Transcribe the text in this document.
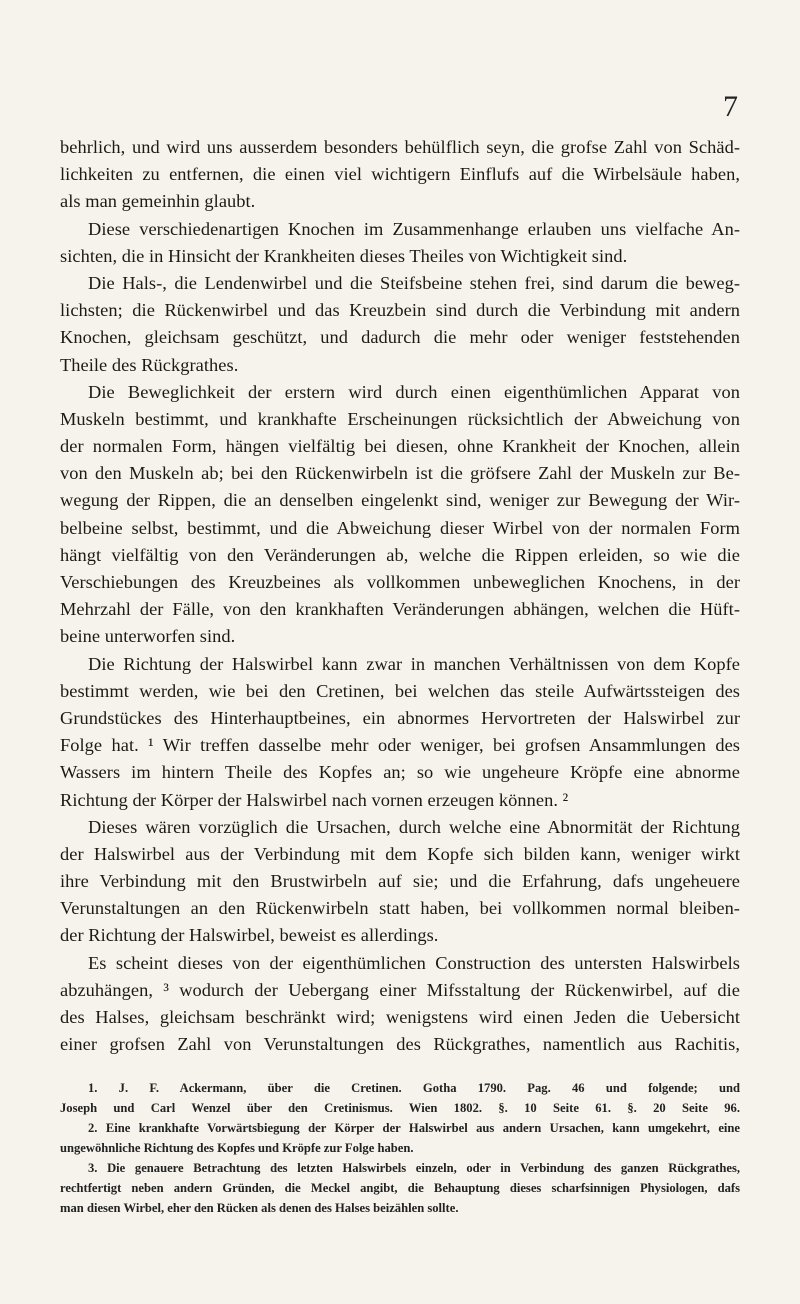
7
behrlich, und wird uns ausserdem besonders behülflich seyn, die grofse Zahl von Schäd-
lichkeiten zu entfernen, die einen viel wichtigern Einflufs auf die Wirbelsäule haben,
als man gemeinhin glaubt.
Diese verschiedenartigen Knochen im Zusammenhange erlauben uns vielfache An-
sichten, die in Hinsicht der Krankheiten dieses Theiles von Wichtigkeit sind.
Die Hals-, die Lendenwirbel und die Steifsbeine stehen frei, sind darum die beweg-
lichsten; die Rückenwirbel und das Kreuzbein sind durch die Verbindung mit andern
Knochen, gleichsam geschützt, und dadurch die mehr oder weniger feststehenden
Theile des Rückgrathes.
Die Beweglichkeit der erstern wird durch einen eigenthümlichen Apparat von
Muskeln bestimmt, und krankhafte Erscheinungen rücksichtlich der Abweichung von
der normalen Form, hängen vielfältig bei diesen, ohne Krankheit der Knochen, allein
von den Muskeln ab; bei den Rückenwirbeln ist die gröfsere Zahl der Muskeln zur Be-
wegung der Rippen, die an denselben eingelenkt sind, weniger zur Bewegung der Wir-
belbeine selbst, bestimmt, und die Abweichung dieser Wirbel von der normalen Form
hängt vielfältig von den Veränderungen ab, welche die Rippen erleiden, so wie die
Verschiebungen des Kreuzbeines als vollkommen unbeweglichen Knochens, in der
Mehrzahl der Fälle, von den krankhaften Veränderungen abhängen, welchen die Hüft-
beine unterworfen sind.
Die Richtung der Halswirbel kann zwar in manchen Verhältnissen von dem Kopfe
bestimmt werden, wie bei den Cretinen, bei welchen das steile Aufwärtssteigen des
Grundstückes des Hinterhauptbeines, ein abnormes Hervortreten der Halswirbel zur
Folge hat. ¹ Wir treffen dasselbe mehr oder weniger, bei grofsen Ansammlungen des
Wassers im hintern Theile des Kopfes an; so wie ungeheure Kröpfe eine abnorme
Richtung der Körper der Halswirbel nach vornen erzeugen können. ²
Dieses wären vorzüglich die Ursachen, durch welche eine Abnormität der Richtung
der Halswirbel aus der Verbindung mit dem Kopfe sich bilden kann, weniger wirkt
ihre Verbindung mit den Brustwirbeln auf sie; und die Erfahrung, dafs ungeheuere
Verunstaltungen an den Rückenwirbeln statt haben, bei vollkommen normal bleiben-
der Richtung der Halswirbel, beweist es allerdings.
Es scheint dieses von der eigenthümlichen Construction des untersten Halswirbels
abzuhängen, ³ wodurch der Uebergang einer Mifsstaltung der Rückenwirbel, auf die
des Halses, gleichsam beschränkt wird; wenigstens wird einen Jeden die Uebersicht
einer grofsen Zahl von Verunstaltungen des Rückgrathes, namentlich aus Rachitis,
1. J. F. Ackermann, über die Cretinen. Gotha 1790. Pag. 46 und folgende; und
Joseph und Carl Wenzel über den Cretinismus. Wien 1802. §. 10 Seite 61. §. 20 Seite 96.
2. Eine krankhafte Vorwärtsbiegung der Körper der Halswirbel aus andern Ursachen, kann umgekehrt, eine
ungewöhnliche Richtung des Kopfes und Kröpfe zur Folge haben.
3. Die genauere Betrachtung des letzten Halswirbels einzeln, oder in Verbindung des ganzen Rückgrathes,
rechtfertigt neben andern Gründen, die Meckel angibt, die Behauptung dieses scharfsinnigen Physiologen, dafs
man diesen Wirbel, eher den Rücken als denen des Halses beizählen sollte.
